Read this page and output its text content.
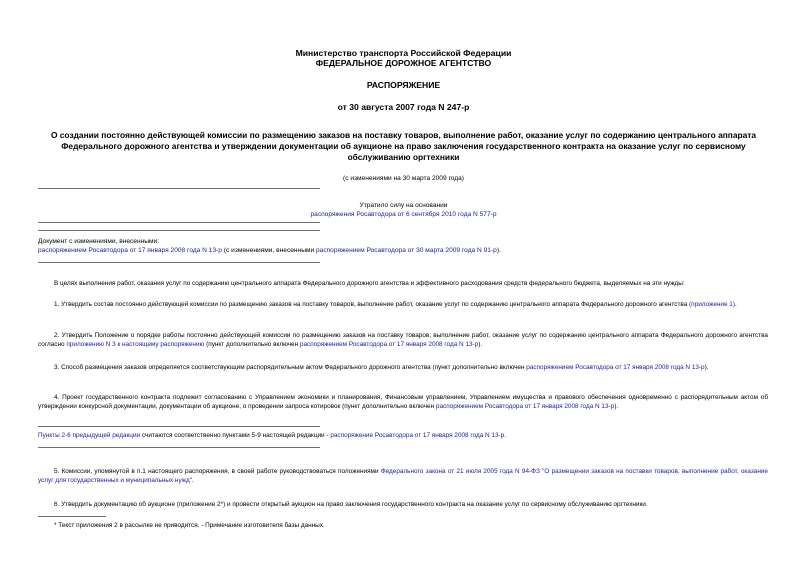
Министерство транспорта Российской Федерации
ФЕДЕРАЛЬНОЕ ДОРОЖНОЕ АГЕНТСТВО
РАСПОРЯЖЕНИЕ
от 30 августа 2007 года N 247-р
О создании постоянно действующей комиссии по размещению заказов на поставку товаров, выполнение работ, оказание услуг по содержанию центрального аппарата Федерального дорожного агентства и утверждении документации об аукционе на право заключения государственного контракта на оказание услуг по сервисному обслуживанию оргтехники
(с изменениями на 30 марта 2009 года)
Утратило силу на основании
распоряжения Росавтодора от 6 сентября 2010 года N 577-р
Документ с изменениями, внесенными:
распоряжением Росавтодора от 17 января 2008 года N 13-р (с изменениями, внесенными распоряжением Росавтодора от 30 марта 2009 года N 91-р).
В целях выполнения работ, оказания услуг по содержанию центрального аппарата Федерального дорожного агентства и эффективного расходования средств федерального бюджета, выделяемых на эти нужды:
1. Утвердить состав постоянно действующей комиссии по размещению заказов на поставку товаров, выполнение работ, оказание услуг по содержанию центрального аппарата Федерального дорожного агентства (приложение 1).
2. Утвердить Положение о порядке работы постоянно действующей комиссии по размещению заказов на поставку товаров, выполнение работ, оказание услуг по содержанию центрального аппарата Федерального дорожного агентства согласно приложению N 3 к настоящему распоряжению (пункт дополнительно включен распоряжением Росавтодора от 17 января 2008 года N 13-р).
3. Способ размещения заказов определяется соответствующим распорядительным актом Федерального дорожного агентства (пункт дополнительно включен распоряжением Росавтодора от 17 января 2008 года N 13-р).
4. Проект государственного контракта подлежит согласованию с Управлением экономики и планирования, Финансовым управлением, Управлением имущества и правового обеспечения одновременно с распорядительным актом об утверждении конкурсной документации, документации об аукционе, о проведении запроса котировок (пункт дополнительно включен распоряжением Росавтодора от 17 января 2008 года N 13-р).
Пункты 2-6 предыдущей редакции считаются соответственно пунктами 5-9 настоящей редакции - распоряжение Росавтодора от 17 января 2008 года N 13-р.
5. Комиссии, упомянутой в п.1 настоящего распоряжения, в своей работе руководствоваться положениями Федерального закона от 21 июля 2005 года N 94-ФЗ "О размещении заказов на поставки товаров, выполнение работ, оказание услуг для государственных и муниципальных нужд".
6. Утвердить документацию об аукционе (приложение 2*) и провести открытый аукцион на право заключения государственного контракта на оказание услуг по сервисному обслуживанию оргтехники.
* Текст приложения 2 в рассылке не приводится. - Примечание изготовителя базы данных.
